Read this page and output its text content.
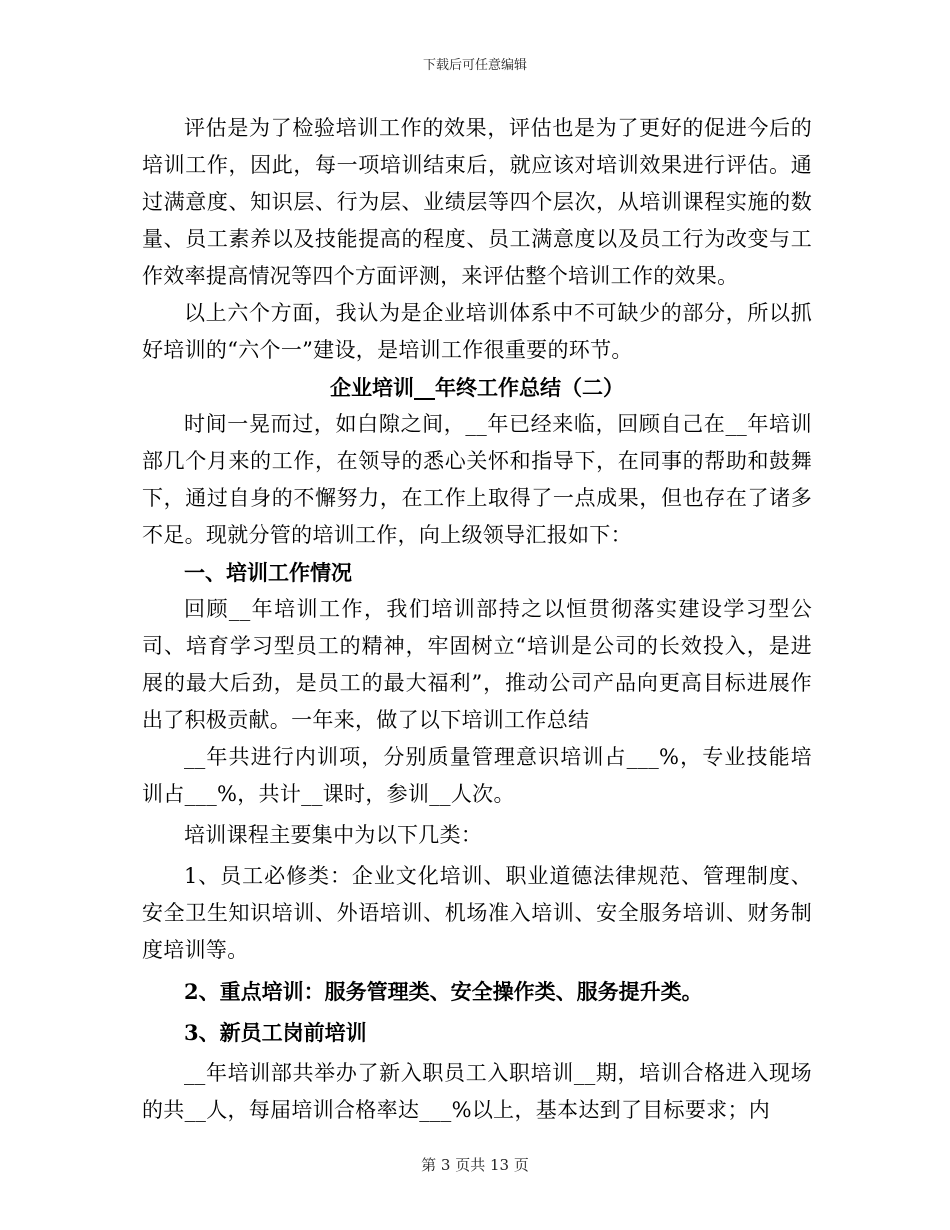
下载后可任意编辑

评估是为了检验培训工作的效果，评估也是为了更好的促进今后的培训工作，因此，每一项培训结束后，就应该对培训效果进行评估。通过满意度、知识层、行为层、业绩层等四个层次，从培训课程实施的数量、员工素养以及技能提高的程度、员工满意度以及员工行为改变与工作效率提高情况等四个方面评测，来评估整个培训工作的效果。

以上六个方面，我认为是企业培训体系中不可缺少的部分，所以抓好培训的“六个一”建设，是培训工作很重要的环节。

企业培训__年终工作总结（二）

时间一晃而过，如白隙之间，__年已经来临，回顾自己在__年培训部几个月来的工作，在领导的悉心关怀和指导下，在同事的帮助和鼓舞下，通过自身的不懈努力，在工作上取得了一点成果，但也存在了诸多不足。现就分管的培训工作，向上级领导汇报如下：

一、培训工作情况

回顾__年培训工作，我们培训部持之以恒贯彻落实建设学习型公司、培育学习型员工的精神，牢固树立“培训是公司的长效投入，是进展的最大后劲，是员工的最大福利”，推动公司产品向更高目标进展作出了积极贡献。一年来，做了以下培训工作总结

__年共进行内训项，分别质量管理意识培训占___%，专业技能培训占___%，共计__课时，参训__人次。

培训课程主要集中为以下几类：

1、员工必修类：企业文化培训、职业道德法律规范、管理制度、安全卫生知识培训、外语培训、机场准入培训、安全服务培训、财务制度培训等。

2、重点培训：服务管理类、安全操作类、服务提升类。

3、新员工岗前培训

__年培训部共举办了新入职员工入职培训__期，培训合格进入现场的共__人，每届培训合格率达___%以上，基本达到了目标要求；内

第 3 页共 13 页
